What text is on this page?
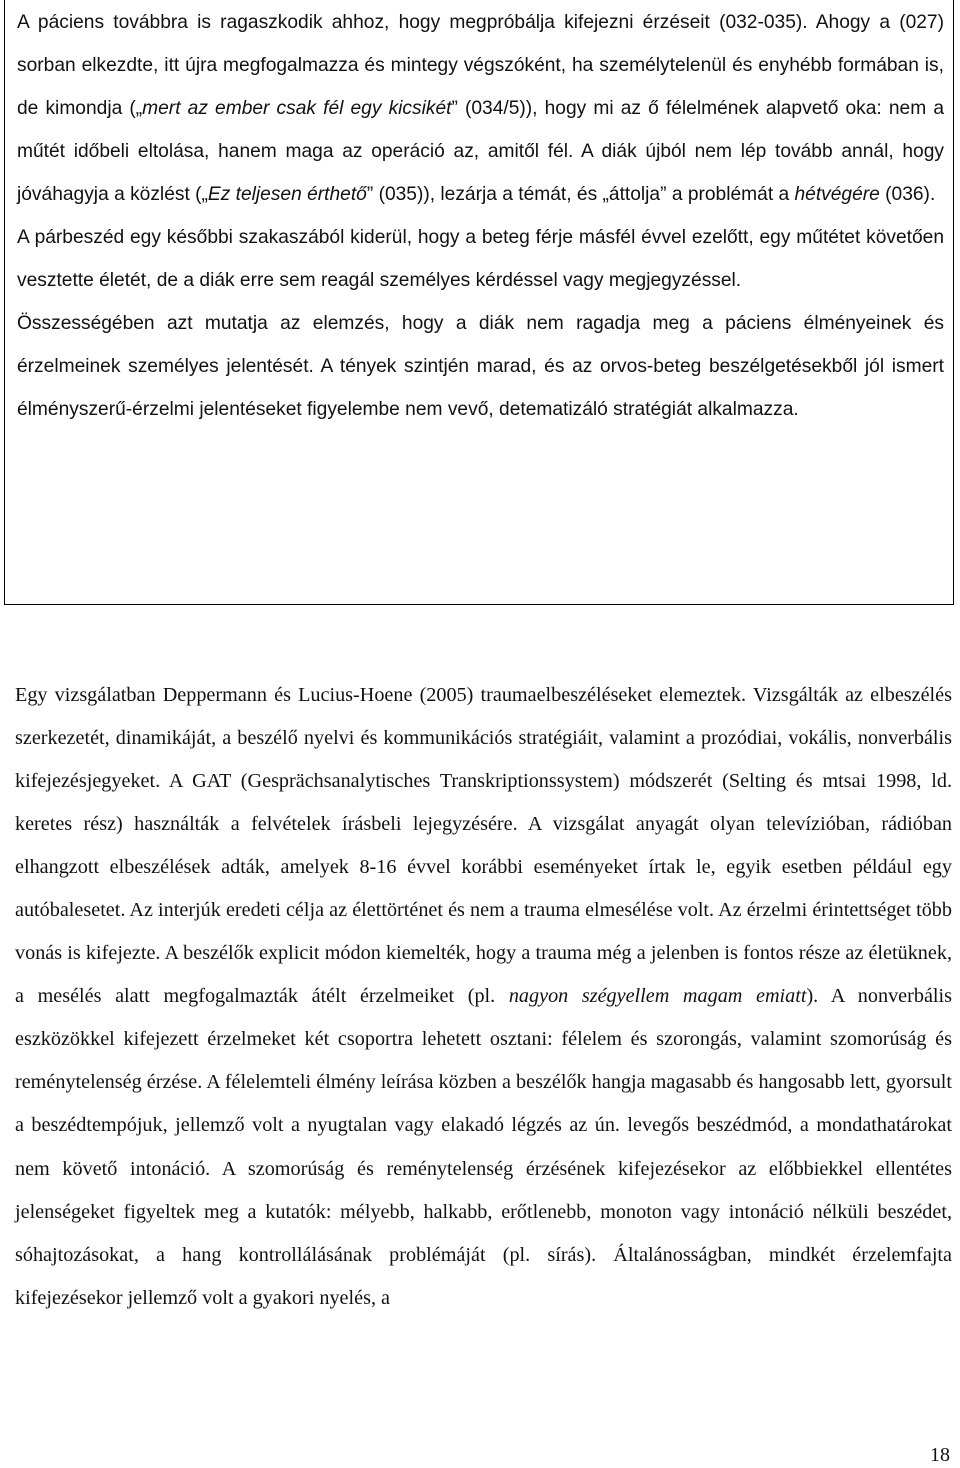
A páciens továbbra is ragaszkodik ahhoz, hogy megpróbálja kifejezni érzéseit (032-035). Ahogy a (027) sorban elkezdte, itt újra megfogalmazza és mintegy végszóként, ha személytelenül és enyhébb formában is, de kimondja („mert az ember csak fél egy kicsikét” (034/5)), hogy mi az ő félelmének alapvető oka: nem a műtét időbeli eltolása, hanem maga az operáció az, amitől fél. A diák újból nem lép tovább annál, hogy jóváhagyja a közlést („Ez teljesen érthető” (035)), lezárja a témát, és „áttolja” a problémát a hétvégére (036).

A párbeszéd egy későbbi szakaszából kiderül, hogy a beteg férje másfél évvel ezelőtt, egy műtétet követően vesztette életét, de a diák erre sem reagál személyes kérdéssel vagy megjegyzéssel.

Összességében azt mutatja az elemzés, hogy a diák nem ragadja meg a páciens élményeinek és érzelmeinek személyes jelentését. A tények szintjén marad, és az orvos-beteg beszélgetésekből jól ismert élményszerű-érzelmi jelentéseket figyelembe nem vevő, detematizáló stratégiát alkalmazza.

Egy vizsgálatban Deppermann és Lucius-Hoene (2005) traumaelbeszéléseket elemeztek. Vizsgálták az elbeszélés szerkezetét, dinamikáját, a beszélő nyelvi és kommunikációs stratégiáit, valamint a prozódiai, vokális, nonverbális kifejezésjegyeket. A GAT (Gesprächsanalytisches Transkriptionssystem) módszerét (Selting és mtsai 1998, ld. keretes rész) használták a felvételek írásbeli lejegyzésére. A vizsgálat anyagát olyan televízióban, rádióban elhangzott elbeszélések adták, amelyek 8-16 évvel korábbi eseményeket írtak le, egyik esetben például egy autóbalesetet. Az interjúk eredeti célja az élettörténet és nem a trauma elmesélése volt. Az érzelmi érintettséget több vonás is kifejezte. A beszélők explicit módon kiemelték, hogy a trauma még a jelenben is fontos része az életüknek, a mesélés alatt megfogalmazták átélt érzelmeiket (pl. nagyon szégyellem magam emiatt). A nonverbális eszközökkel kifejezett érzelmeket két csoportra lehetett osztani: félelem és szorongás, valamint szomorúság és reménytelenség érzése. A félelemteli élmény leírása közben a beszélők hangja magasabb és hangosabb lett, gyorsult a beszédtempójuk, jellemző volt a nyugtalan vagy elakadó légzés az ún. levegős beszédmód, a mondathatárokat nem követő intonáció. A szomorúság és reménytelenség érzésének kifejezésekor az előbbiekkel ellentétes jelenségeket figyeltek meg a kutatók: mélyebb, halkabb, erőtlenebb, monoton vagy intonáció nélküli beszédet, sóhajtozásokat, a hang kontrollálásának problémáját (pl. sírás). Általánosságban, mindkét érzelemfajta kifejezésekor jellemző volt a gyakori nyelés, a

18
